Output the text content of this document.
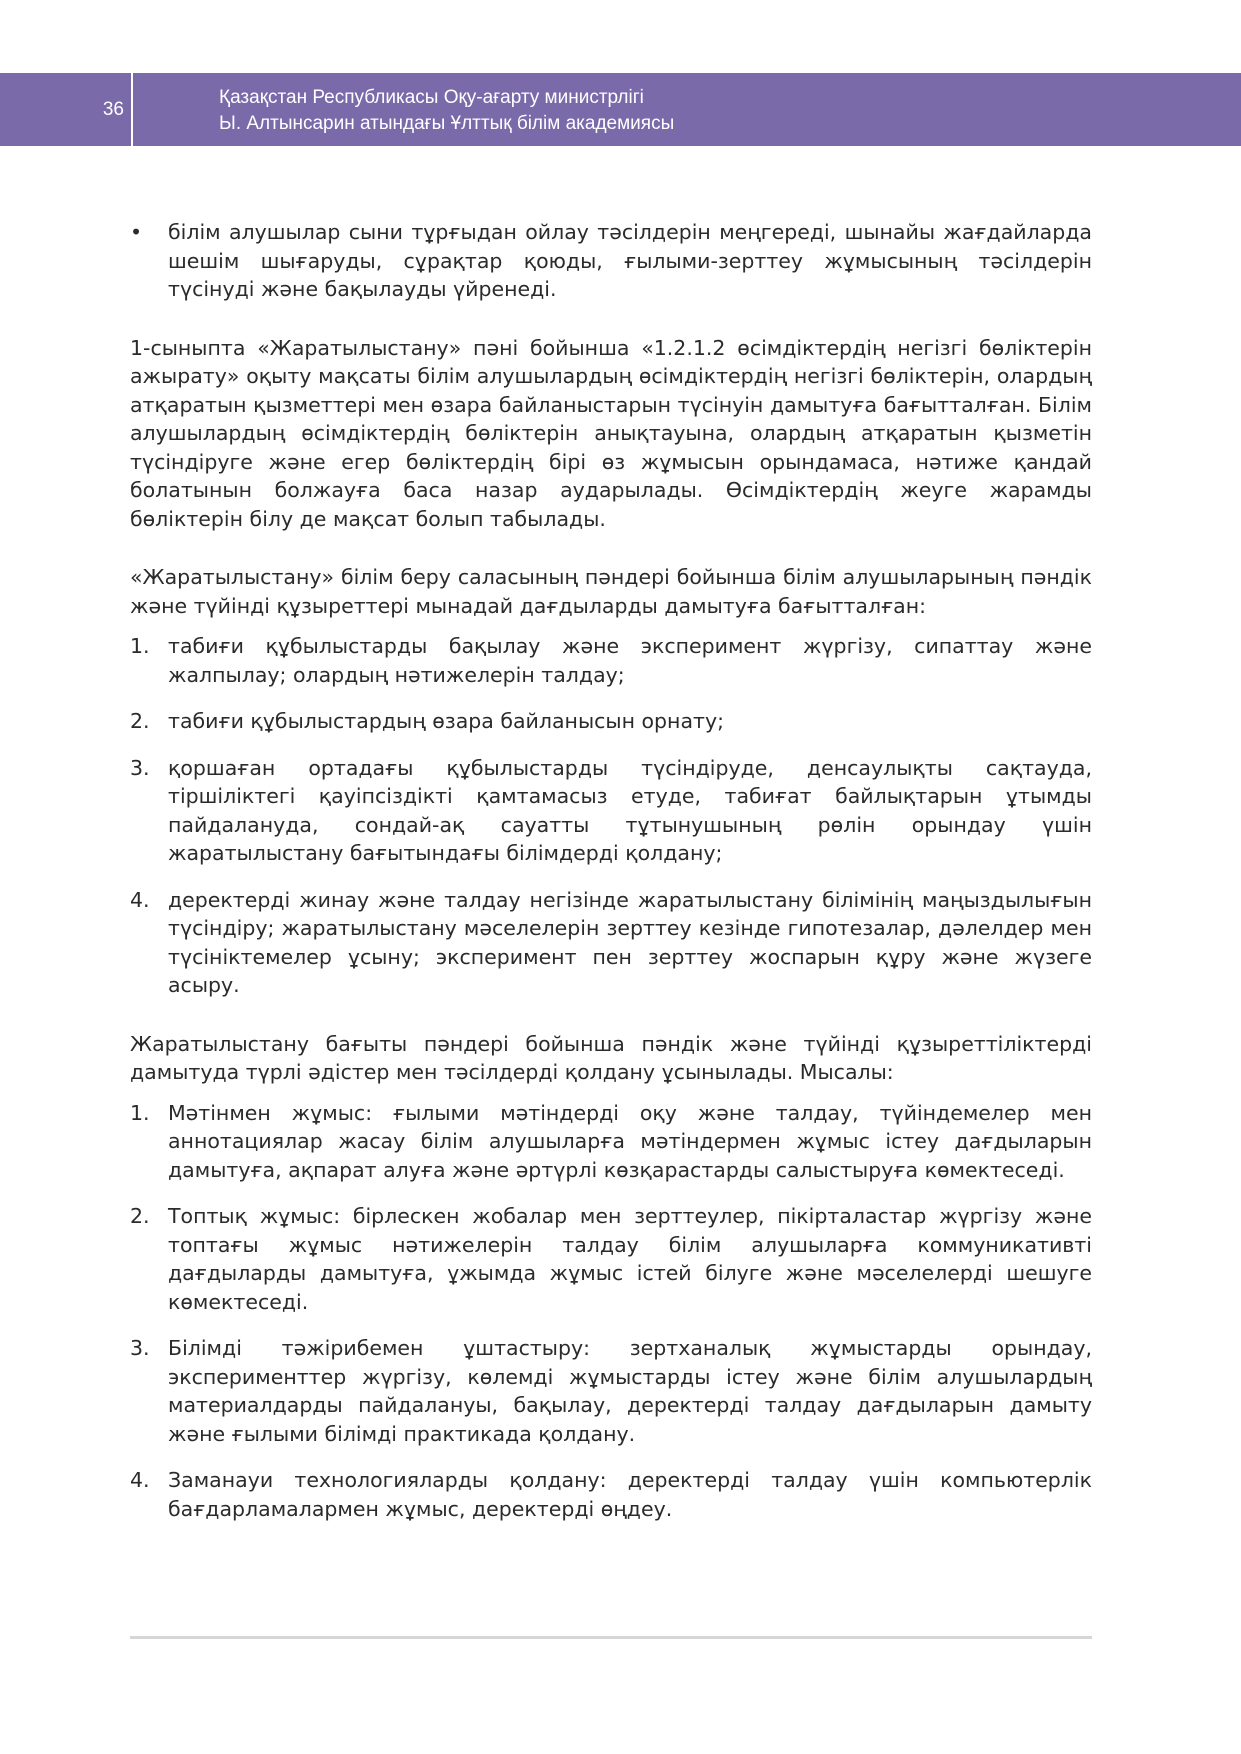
36
Қазақстан Республикасы Оқу-ағарту министрлігі
Ы. Алтынсарин атындағы Ұлттық білім академиясы
• білім алушылар сыни тұрғыдан ойлау тәсілдерін меңгереді, шынайы жағдайларда шешім шығаруды, сұрақтар қоюды, ғылыми-зерттеу жұмысының тәсілдерін түсінуді және бақылауды үйренеді.

1-сыныпта «Жаратылыстану» пәні бойынша «1.2.1.2 өсімдіктердің негізгі бөліктерін ажырату» оқыту мақсаты білім алушылардың өсімдіктердің негізгі бөліктерін, олардың атқаратын қызметтері мен өзара байланыстарын түсінуін дамытуға бағытталған. Білім алушылардың өсімдіктердің бөліктерін анықтауына, олардың атқаратын қызметін түсіндіруге және егер бөліктердің бірі өз жұмысын орындамаса, нәтиже қандай болатынын болжауға баса назар аударылады. Өсімдіктердің жеуге жарамды бөліктерін білу де мақсат болып табылады.

«Жаратылыстану» білім беру саласының пәндері бойынша білім алушыларының пәндік және түйінді құзыреттері мынадай дағдыларды дамытуға бағытталған:

1. табиғи құбылыстарды бақылау және эксперимент жүргізу, сипаттау және жалпылау; олардың нәтижелерін талдау;
2. табиғи құбылыстардың өзара байланысын орнату;
3. қоршаған ортадағы құбылыстарды түсіндіруде, денсаулықты сақтауда, тіршіліктегі қауіпсіздікті қамтамасыз етуде, табиғат байлықтарын ұтымды пайдалануда, сондай-ақ сауатты тұтынушының рөлін орындау үшін жаратылыстану бағытындағы білімдерді қолдану;
4. деректерді жинау және талдау негізінде жаратылыстану білімінің маңыздылығын түсіндіру; жаратылыстану мәселелерін зерттеу кезінде гипотезалар, дәлелдер мен түсініктемелер ұсыну; эксперимент пен зерттеу жоспарын құру және жүзеге асыру.

Жаратылыстану бағыты пәндері бойынша пәндік және түйінді құзыреттіліктерді дамытуда түрлі әдістер мен тәсілдерді қолдану ұсынылады. Мысалы:

1. Мәтінмен жұмыс: ғылыми мәтіндерді оқу және талдау, түйіндемелер мен аннотациялар жасау білім алушыларға мәтіндермен жұмыс істеу дағдыларын дамытуға, ақпарат алуға және әртүрлі көзқарастарды салыстыруға көмектеседі.
2. Топтық жұмыс: бірлескен жобалар мен зерттеулер, пікірталастар жүргізу және топтағы жұмыс нәтижелерін талдау білім алушыларға коммуникативті дағдыларды дамытуға, ұжымда жұмыс істей білуге және мәселелерді шешуге көмектеседі.
3. Білімді тәжірибемен ұштастыру: зертханалық жұмыстарды орындау, эксперименттер жүргізу, көлемді жұмыстарды істеу және білім алушылардың материалдарды пайдалануы, бақылау, деректерді талдау дағдыларын дамыту және ғылыми білімді практикада қолдану.
4. Заманауи технологияларды қолдану: деректерді талдау үшін компьютерлік бағдарламалармен жұмыс, деректерді өңдеу.
